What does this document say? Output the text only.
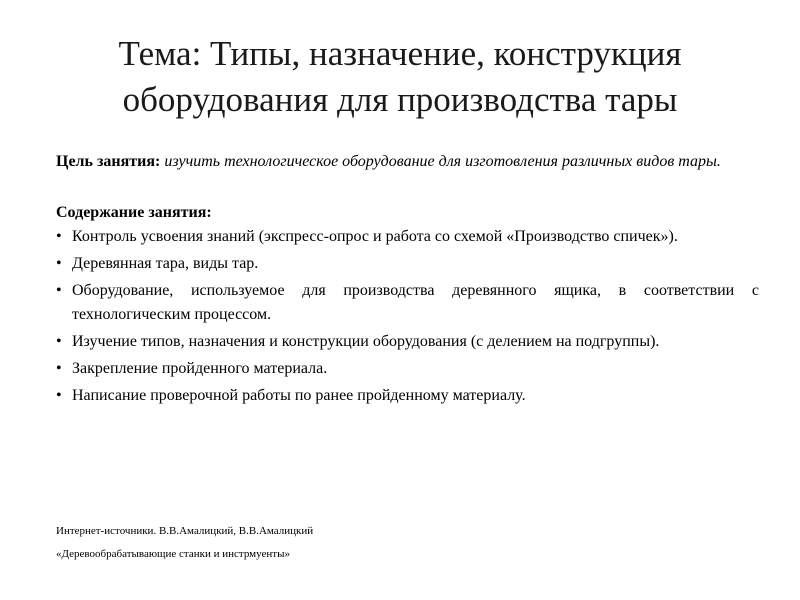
Тема: Типы, назначение, конструкция
оборудования для производства тары

Цель занятия: изучить технологическое оборудование для изготовления различных видов тары.

Содержание занятия:

• Контроль усвоения знаний (экспресс-опрос и работа со схемой «Производство спичек»).
• Деревянная тара, виды тар.
• Оборудование, используемое для производства деревянного ящика, в соответствии с технологическим процессом.
• Изучение типов, назначения и конструкции оборудования (с делением на подгруппы).
• Закрепление пройденного материала.
• Написание проверочной работы по ранее пройденному материалу.
Интернет-источники. В.В.Амалицкий, В.В.Амалицкий
«Деревообрабатывающие станки и инстрмуенты»
